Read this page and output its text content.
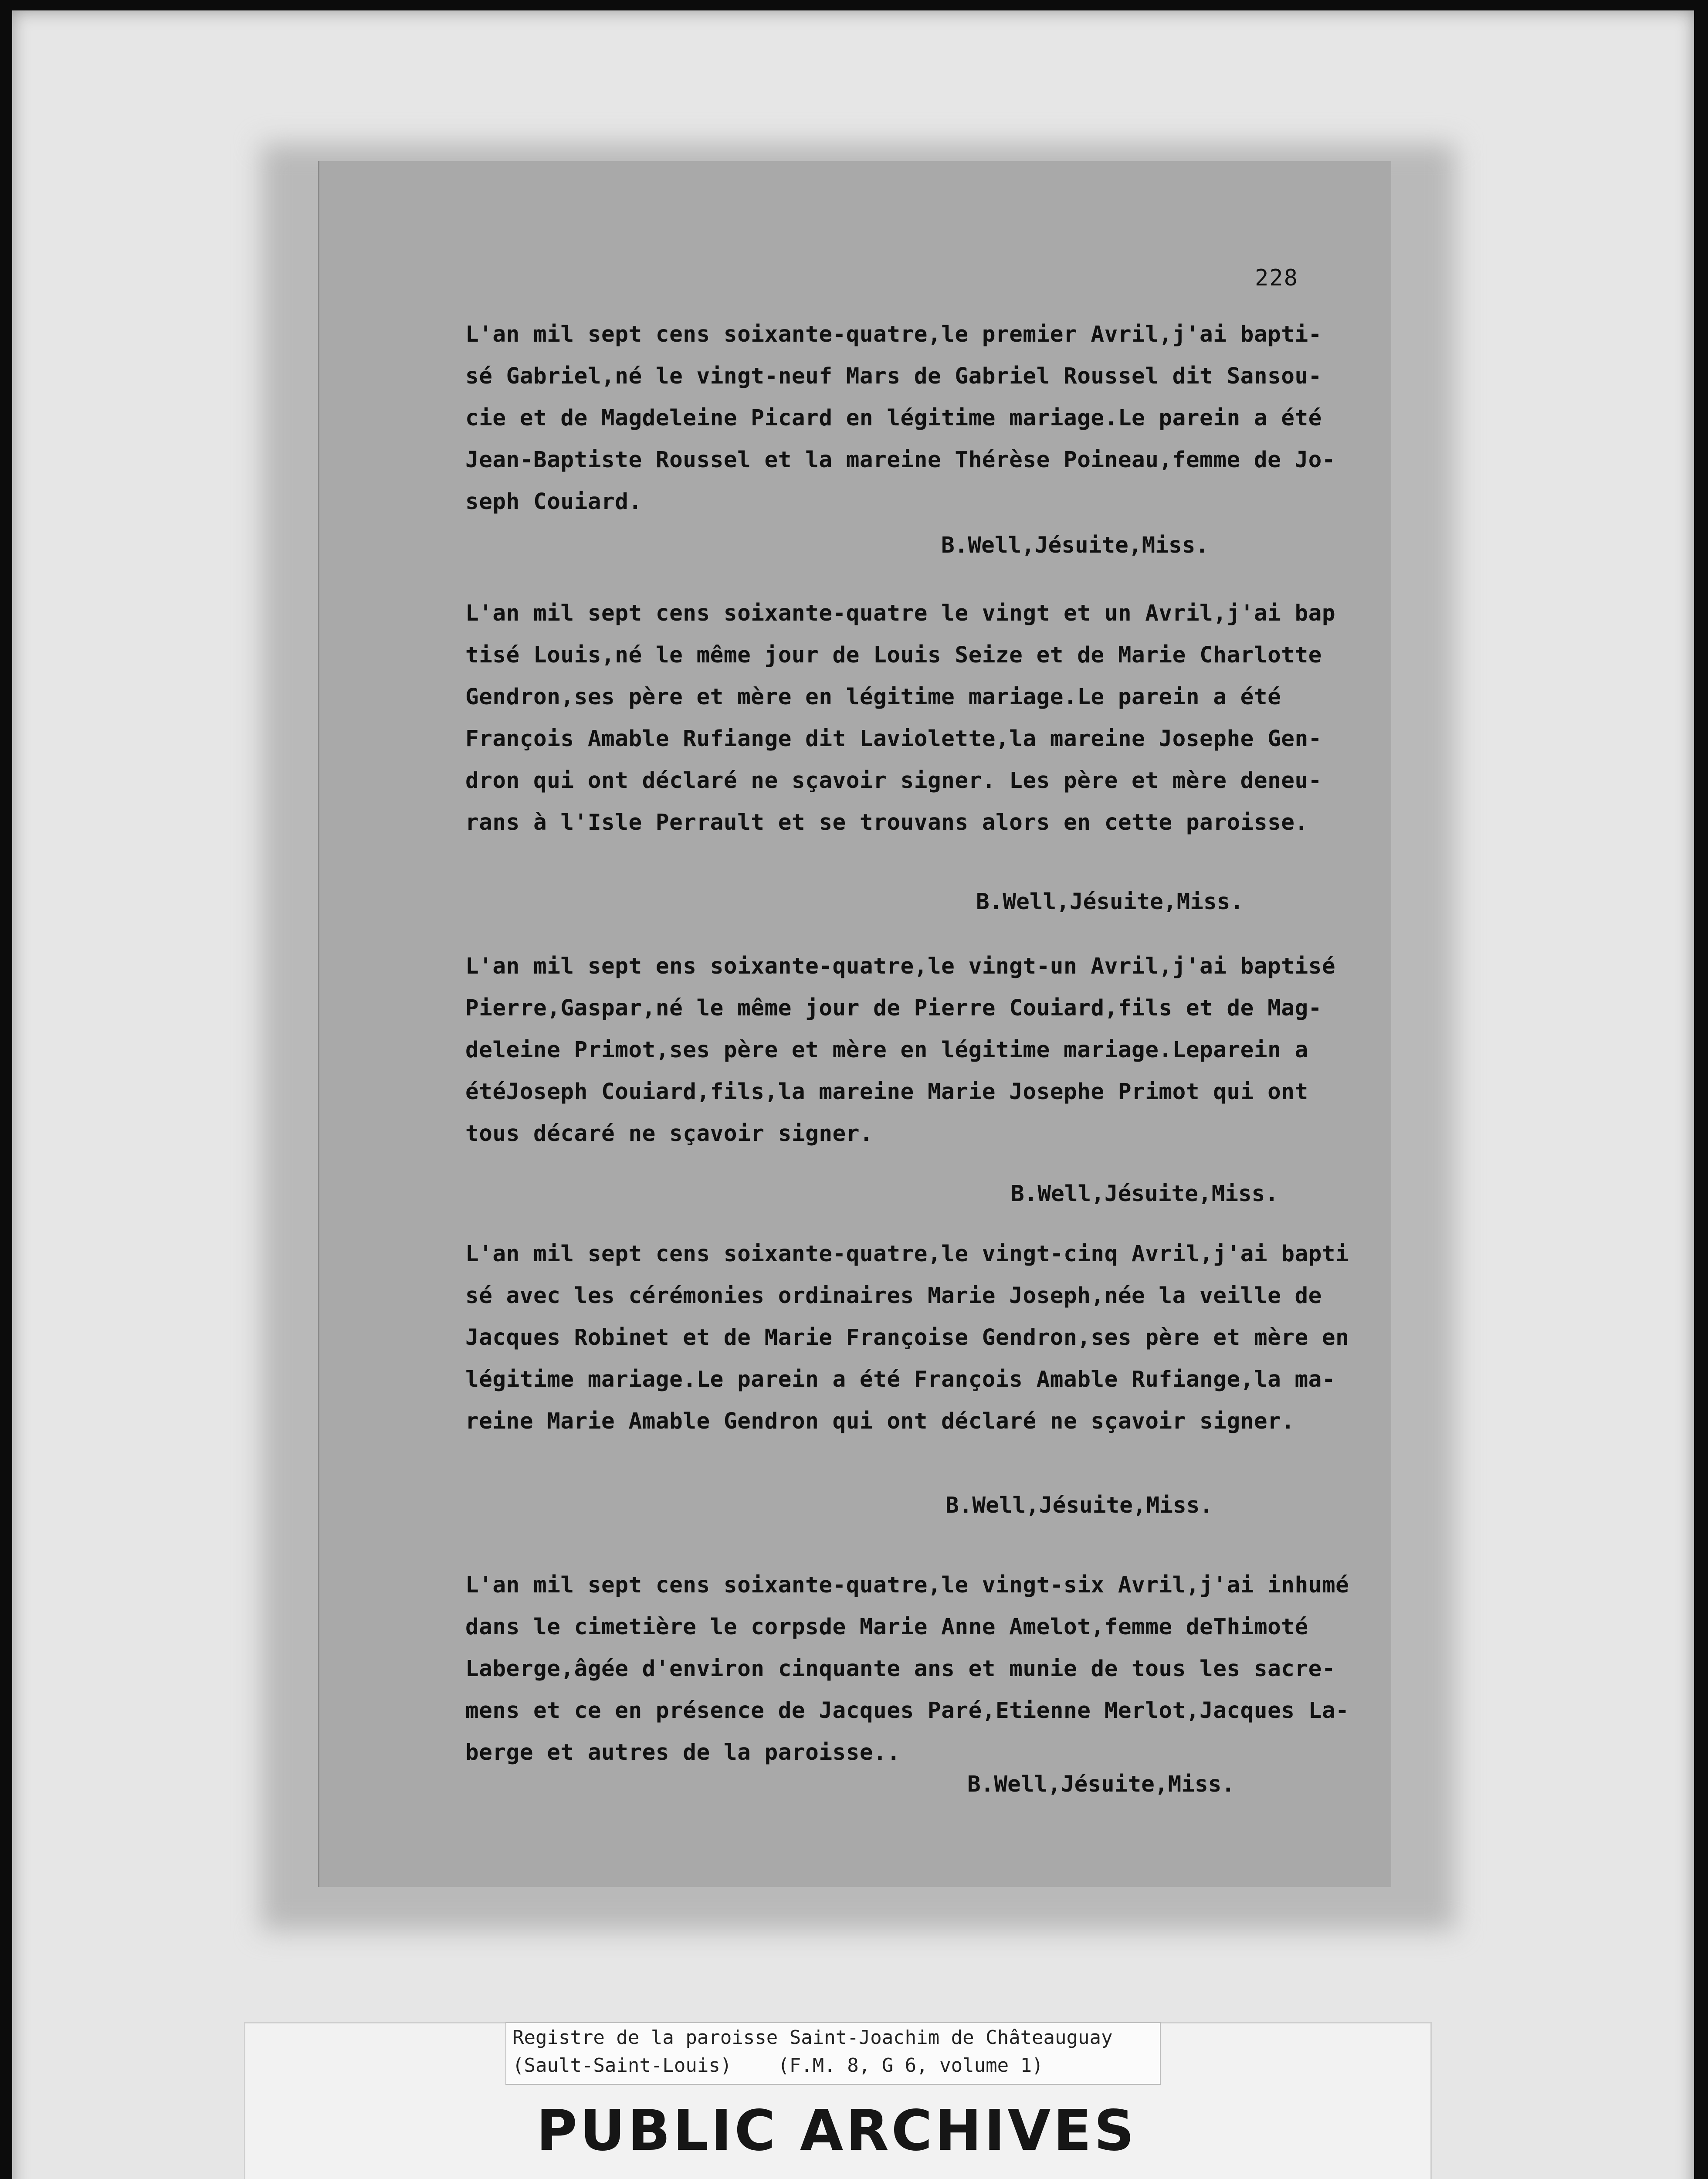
228
L'an mil sept cens soixante-quatre,le premier Avril,j'ai bapti-
sé Gabriel,né le vingt-neuf Mars de Gabriel Roussel dit Sansou-
cie et de Magdeleine Picard en légitime mariage.Le parein a été
Jean-Baptiste Roussel et la mareine Thérèse Poineau,femme de Jo-
seph Couiard.
B.Well,Jésuite,Miss.
L'an mil sept cens soixante-quatre le vingt et un Avril,j'ai bap
tisé Louis,né le même jour de Louis Seize et de Marie Charlotte
Gendron,ses père et mère en légitime mariage.Le parein a été
François Amable Rufiange dit Laviolette,la mareine Josephe Gen-
dron qui ont déclaré ne sçavoir signer. Les père et mère deneu-
rans à l'Isle Perrault et se trouvans alors en cette paroisse.
B.Well,Jésuite,Miss.
L'an mil sept ens soixante-quatre,le vingt-un Avril,j'ai baptisé
Pierre,Gaspar,né le même jour de Pierre Couiard,fils et de Mag-
deleine Primot,ses père et mère en légitime mariage.Leparein a
étéJoseph Couiard,fils,la mareine Marie Josephe Primot qui ont
tous décaré ne sçavoir signer.
B.Well,Jésuite,Miss.
L'an mil sept cens soixante-quatre,le vingt-cinq Avril,j'ai bapti
sé avec les cérémonies ordinaires Marie Joseph,née la veille de
Jacques Robinet et de Marie Françoise Gendron,ses père et mère en
légitime mariage.Le parein a été François Amable Rufiange,la ma-
reine Marie Amable Gendron qui ont déclaré ne sçavoir signer.
B.Well,Jésuite,Miss.
L'an mil sept cens soixante-quatre,le vingt-six Avril,j'ai inhumé
dans le cimetière le corpsde Marie Anne Amelot,femme deThimoté
Laberge,âgée d'environ cinquante ans et munie de tous les sacre-
mens et ce en présence de Jacques Paré,Etienne Merlot,Jacques La-
berge et autres de la paroisse..
B.Well,Jésuite,Miss.
Registre de la paroisse Saint-Joachim de Châteauguay
(Sault-Saint-Louis)    (F.M. 8, G 6, volume 1)
PUBLIC ARCHIVES
